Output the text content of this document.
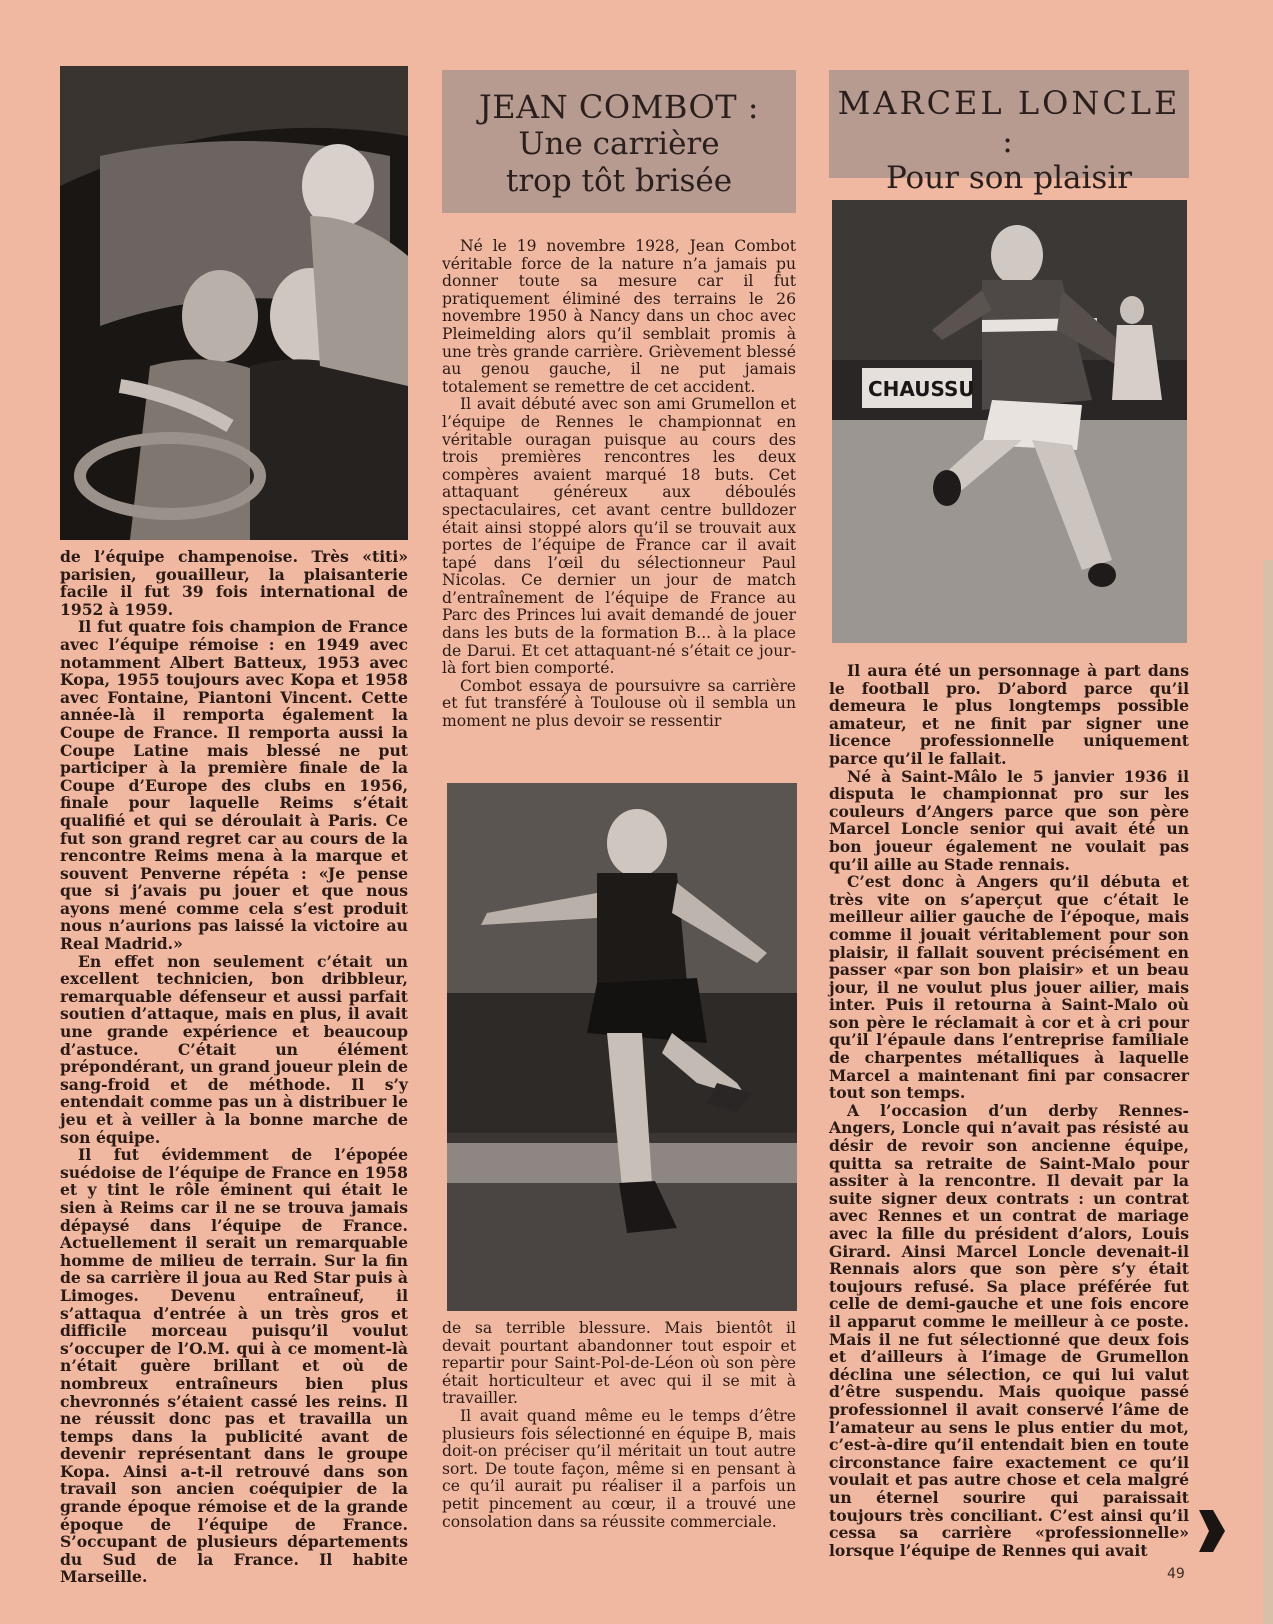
de l’équipe champenoise. Très «titi» parisien, gouailleur, la plaisanterie facile il fut 39 fois international de 1952 à 1959.

Il fut quatre fois champion de France avec l’équipe rémoise : en 1949 avec notamment Albert Batteux, 1953 avec Kopa, 1955 toujours avec Kopa et 1958 avec Fontaine, Piantoni Vincent. Cette année-là il remporta également la Coupe de France. Il remporta aussi la Coupe Latine mais blessé ne put participer à la première finale de la Coupe d’Europe des clubs en 1956, finale pour laquelle Reims s’était qualifié et qui se déroulait à Paris. Ce fut son grand regret car au cours de la rencontre Reims mena à la marque et souvent Penverne répéta : «Je pense que si j’avais pu jouer et que nous ayons mené comme cela s’est produit nous n’aurions pas laissé la victoire au Real Madrid.»

En effet non seulement c’était un excellent technicien, bon dribbleur, remarquable défenseur et aussi parfait soutien d’attaque, mais en plus, il avait une grande expérience et beaucoup d’astuce. C’était un élément prépondérant, un grand joueur plein de sang-froid et de méthode. Il s’y entendait comme pas un à distribuer le jeu et à veiller à la bonne marche de son équipe.

Il fut évidemment de l’épopée suédoise de l’équipe de France en 1958 et y tint le rôle éminent qui était le sien à Reims car il ne se trouva jamais dépaysé dans l’équipe de France. Actuellement il serait un remarquable homme de milieu de terrain. Sur la fin de sa carrière il joua au Red Star puis à Limoges. Devenu entraîneuf, il s’attaqua d’entrée à un très gros et difficile morceau puisqu’il voulut s’occuper de l’O.M. qui à ce moment-là n’était guère brillant et où de nombreux entraîneurs bien plus chevronnés s’étaient cassé les reins. Il ne réussit donc pas et travailla un temps dans la publicité avant de devenir représentant dans le groupe Kopa. Ainsi a-t-il retrouvé dans son travail son ancien coéquipier de la grande époque rémoise et de la grande époque de l’équipe de France. S’occupant de plusieurs départements du Sud de la France. Il habite Marseille.

JEAN COMBOT :
Une carrière
trop tôt brisée

Né le 19 novembre 1928, Jean Combot véritable force de la nature n’a jamais pu donner toute sa mesure car il fut pratiquement éliminé des terrains le 26 novembre 1950 à Nancy dans un choc avec Pleimelding alors qu’il semblait promis à une très grande carrière. Grièvement blessé au genou gauche, il ne put jamais totalement se remettre de cet accident.

Il avait débuté avec son ami Grumellon et l’équipe de Rennes le championnat en véritable ouragan puisque au cours des trois premières rencontres les deux compères avaient marqué 18 buts. Cet attaquant généreux aux déboulés spectaculaires, cet avant centre bulldozer était ainsi stoppé alors qu’il se trouvait aux portes de l’équipe de France car il avait tapé dans l’œil du sélectionneur Paul Nicolas. Ce dernier un jour de match d’entraînement de l’équipe de France au Parc des Princes lui avait demandé de jouer dans les buts de la formation B... à la place de Darui. Et cet attaquant-né s’était ce jour-là fort bien comporté.

Combot essaya de poursuivre sa carrière et fut transféré à Toulouse où il sembla un moment ne plus devoir se ressentir

de sa terrible blessure. Mais bientôt il devait pourtant abandonner tout espoir et repartir pour Saint-Pol-de-Léon où son père était horticulteur et avec qui il se mit à travailler.

Il avait quand même eu le temps d’être plusieurs fois sélectionné en équipe B, mais doit-on préciser qu’il méritait un tout autre sort. De toute façon, même si en pensant à ce qu’il aurait pu réaliser il a parfois un petit pincement au cœur, il a trouvé une consolation dans sa réussite commerciale.

MARCEL LONCLE :
Pour son plaisir
CHAUSSU

Il aura été un personnage à part dans le football pro. D’abord parce qu’il demeura le plus longtemps possible amateur, et ne finit par signer une licence professionnelle uniquement parce qu’il le fallait.

Né à Saint-Mâlo le 5 janvier 1936 il disputa le championnat pro sur les couleurs d’Angers parce que son père Marcel Loncle senior qui avait été un bon joueur également ne voulait pas qu’il aille au Stade rennais.

C’est donc à Angers qu’il débuta et très vite on s’aperçut que c’était le meilleur ailier gauche de l’époque, mais comme il jouait véritablement pour son plaisir, il fallait souvent précisément en passer «par son bon plaisir» et un beau jour, il ne voulut plus jouer ailier, mais inter. Puis il retourna à Saint-Malo où son père le réclamait à cor et à cri pour qu’il l’épaule dans l’entreprise familiale de charpentes métalliques à laquelle Marcel a maintenant fini par consacrer tout son temps.

A l’occasion d’un derby Rennes-Angers, Loncle qui n’avait pas résisté au désir de revoir son ancienne équipe, quitta sa retraite de Saint-Malo pour assiter à la rencontre. Il devait par la suite signer deux contrats : un contrat avec Rennes et un contrat de mariage avec la fille du président d’alors, Louis Girard. Ainsi Marcel Loncle devenait-il Rennais alors que son père s’y était toujours refusé. Sa place préférée fut celle de demi-gauche et une fois encore il apparut comme le meilleur à ce poste. Mais il ne fut sélectionné que deux fois et d’ailleurs à l’image de Grumellon déclina une sélection, ce qui lui valut d’être suspendu. Mais quoique passé professionnel il avait conservé l’âme de l’amateur au sens le plus entier du mot, c’est-à-dire qu’il entendait bien en toute circonstance faire exactement ce qu’il voulait et pas autre chose et cela malgré un éternel sourire qui paraissait toujours très conciliant. C’est ainsi qu’il cessa sa carrière «professionnelle» lorsque l’équipe de Rennes qui avait

49
